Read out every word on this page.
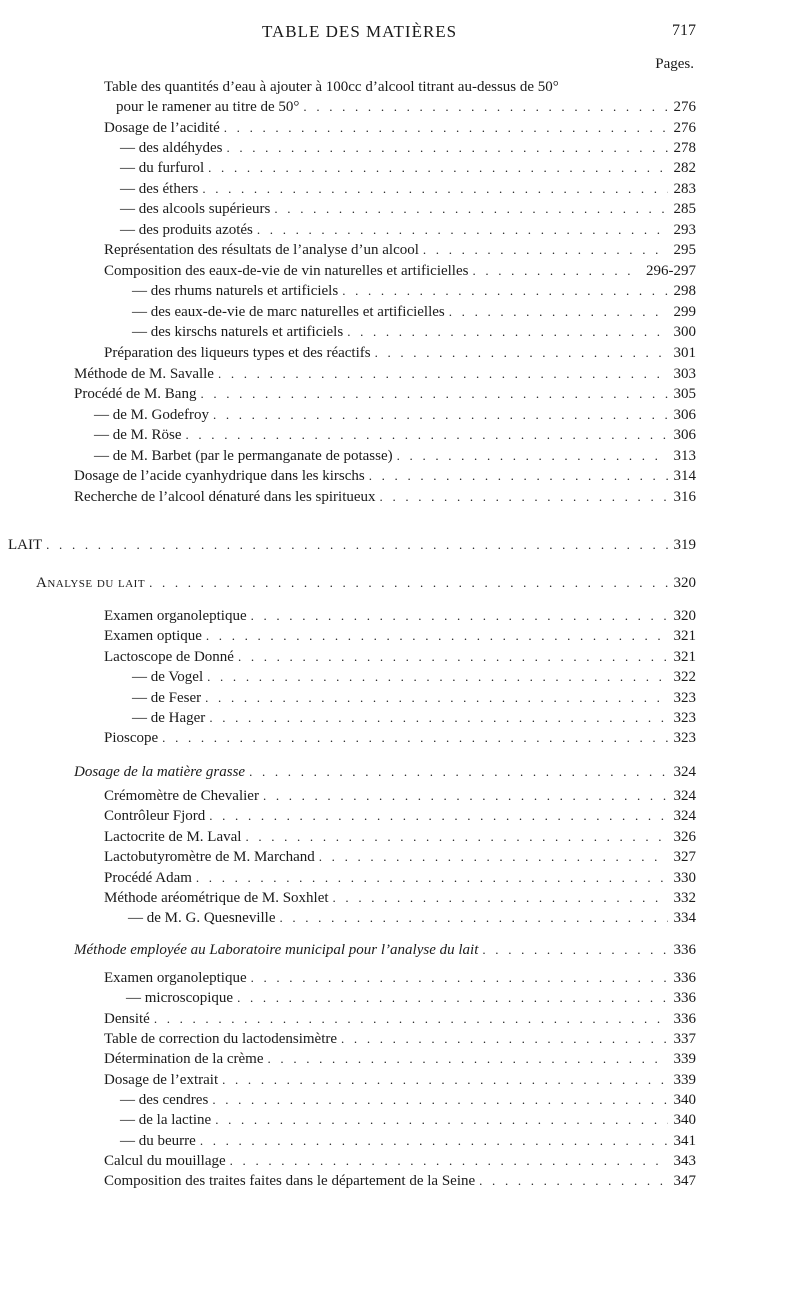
TABLE DES MATIÈRES	717
Pages.
Table des quantités d’eau à ajouter à 100cc d’alcool titrant au-dessus de 50°
pour le ramener au titre de 50° . . .	276
Dosage de l’acidité . . .	276
— des aldéhydes . . .	278
— du furfurol . . .	282
— des éthers . . .	283
— des alcools supérieurs . . .	285
— des produits azotés . . .	293
Représentation des résultats de l’analyse d’un alcool . . .	295
Composition des eaux-de-vie de vin naturelles et artificielles . . .	296-297
— des rhums naturels et artificiels . . .	298
— des eaux-de-vie de marc naturelles et artificielles . . .	299
— des kirschs naturels et artificiels . . .	300
Préparation des liqueurs types et des réactifs . . .	301
Méthode de M. Savalle . . .	303
Procédé de M. Bang . . .	305
— de M. Godefroy . . .	306
— de M. Röse . . .	306
— de M. Barbet (par le permanganate de potasse) . . .	313
Dosage de l’acide cyanhydrique dans les kirschs . . .	314
Recherche de l’alcool dénaturé dans les spiritueux . . .	316
LAIT . . .	319
Analyse du lait . . .	320
Examen organoleptique . . .	320
Examen optique . . .	321
Lactoscope de Donné . . .	321
— de Vogel . . .	322
— de Feser . . .	323
— de Hager . . .	323
Pioscope . . .	323
Dosage de la matière grasse . . .	324
Crémomètre de Chevalier . . .	324
Contrôleur Fjord . . .	324
Lactocrite de M. Laval . . .	326
Lactobutyromètre de M. Marchand . . .	327
Procédé Adam . . .	330
Méthode aréométrique de M. Soxhlet . . .	332
— de M. G. Quesneville . . .	334
Méthode employée au Laboratoire municipal pour l’analyse du lait . . .	336
Examen organoleptique . . .	336
— microscopique . . .	336
Densité . . .	336
Table de correction du lactodensimètre . . .	337
Détermination de la crème . . .	339
Dosage de l’extrait . . .	339
— des cendres . . .	340
— de la lactine . . .	340
— du beurre . . .	341
Calcul du mouillage . . .	343
Composition des traites faites dans le département de la Seine . . .	347
